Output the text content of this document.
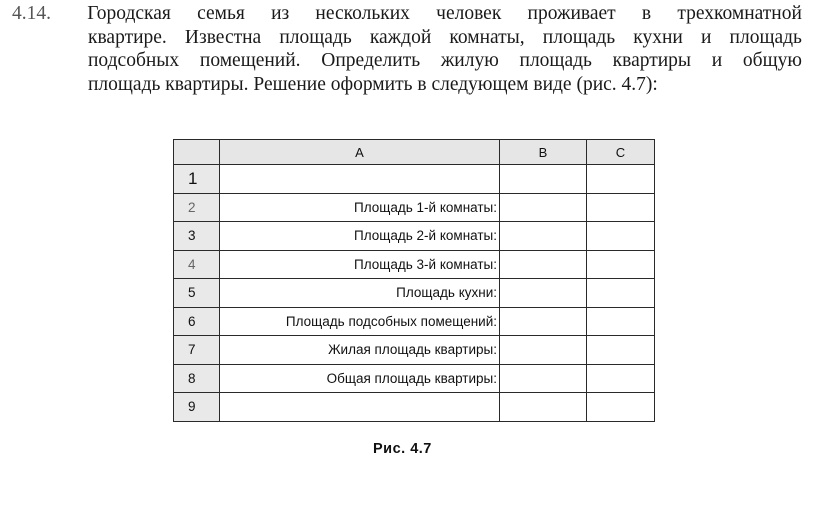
4.14. Городская семья из нескольких человек проживает в трехкомнатной
квартире. Известна площадь каждой комнаты, площадь кухни и площадь
подсобных помещений. Определить жилую площадь квартиры и общую
площадь квартиры. Решение оформить в следующем виде (рис. 4.7):
	A	B	C
1			
2	Площадь 1-й комнаты:		
3	Площадь 2-й комнаты:		
4	Площадь 3-й комнаты:		
5	Площадь кухни:		
6	Площадь подсобных помещений:		
7	Жилая площадь квартиры:		
8	Общая площадь квартиры:		
9			
Рис. 4.7
